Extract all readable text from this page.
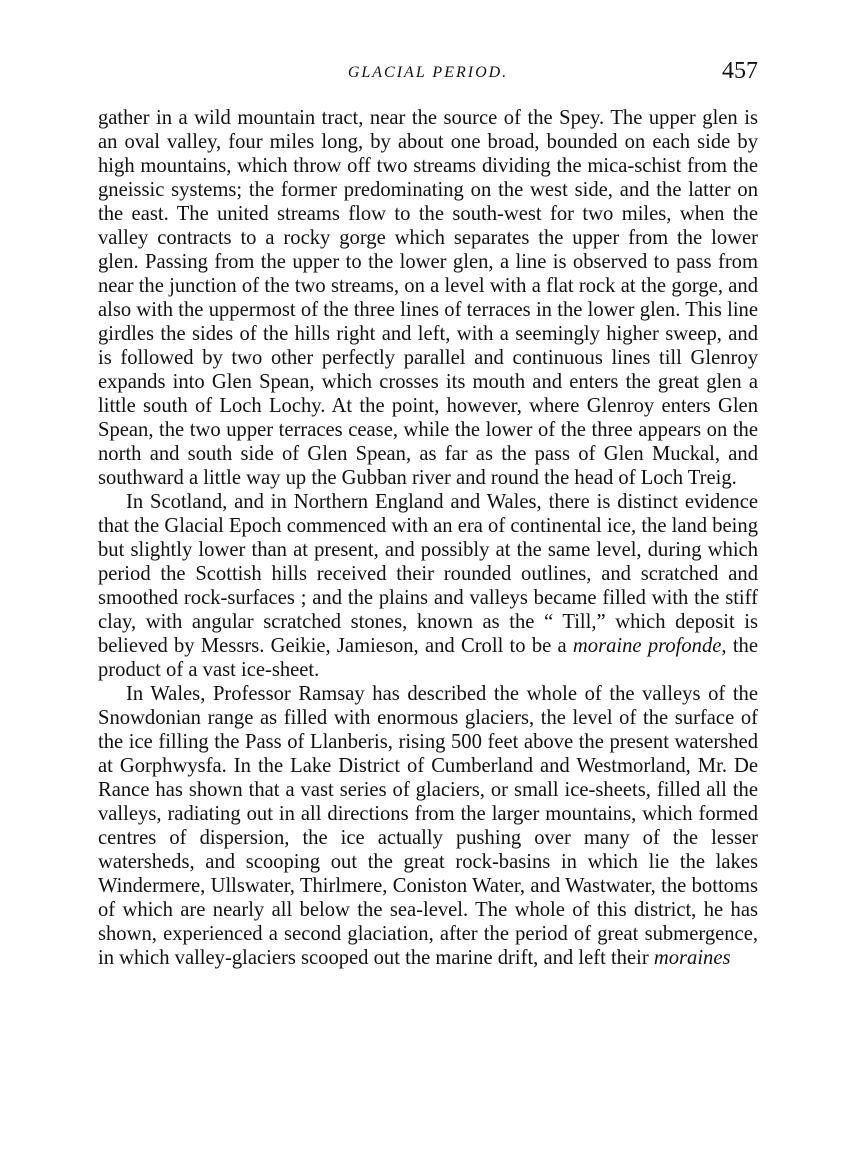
GLACIAL PERIOD.	457

gather in a wild mountain tract, near the source of the Spey. The upper glen is an oval valley, four miles long, by about one broad, bounded on each side by high mountains, which throw off two streams dividing the mica-schist from the gneissic systems; the former predominating on the west side, and the latter on the east. The united streams flow to the south-west for two miles, when the valley contracts to a rocky gorge which separates the upper from the lower glen. Passing from the upper to the lower glen, a line is observed to pass from near the junction of the two streams, on a level with a flat rock at the gorge, and also with the uppermost of the three lines of terraces in the lower glen. This line girdles the sides of the hills right and left, with a seemingly higher sweep, and is followed by two other perfectly parallel and continuous lines till Glenroy expands into Glen Spean, which crosses its mouth and enters the great glen a little south of Loch Lochy. At the point, however, where Glenroy enters Glen Spean, the two upper terraces cease, while the lower of the three appears on the north and south side of Glen Spean, as far as the pass of Glen Muckal, and southward a little way up the Gubban river and round the head of Loch Treig.

In Scotland, and in Northern England and Wales, there is distinct evidence that the Glacial Epoch commenced with an era of continental ice, the land being but slightly lower than at present, and possibly at the same level, during which period the Scottish hills received their rounded outlines, and scratched and smoothed rock-surfaces ; and the plains and valleys became filled with the stiff clay, with angular scratched stones, known as the “ Till,” which deposit is believed by Messrs. Geikie, Jamieson, and Croll to be a moraine profonde, the product of a vast ice-sheet.

In Wales, Professor Ramsay has described the whole of the valleys of the Snowdonian range as filled with enormous glaciers, the level of the surface of the ice filling the Pass of Llanberis, rising 500 feet above the present watershed at Gorphwysfa. In the Lake District of Cumberland and Westmorland, Mr. De Rance has shown that a vast series of glaciers, or small ice-sheets, filled all the valleys, radiating out in all directions from the larger mountains, which formed centres of dispersion, the ice actually pushing over many of the lesser watersheds, and scooping out the great rock-basins in which lie the lakes Windermere, Ullswater, Thirlmere, Coniston Water, and Wastwater, the bottoms of which are nearly all below the sea-level. The whole of this district, he has shown, experienced a second glaciation, after the period of great submergence, in which valley-glaciers scooped out the marine drift, and left their moraines
